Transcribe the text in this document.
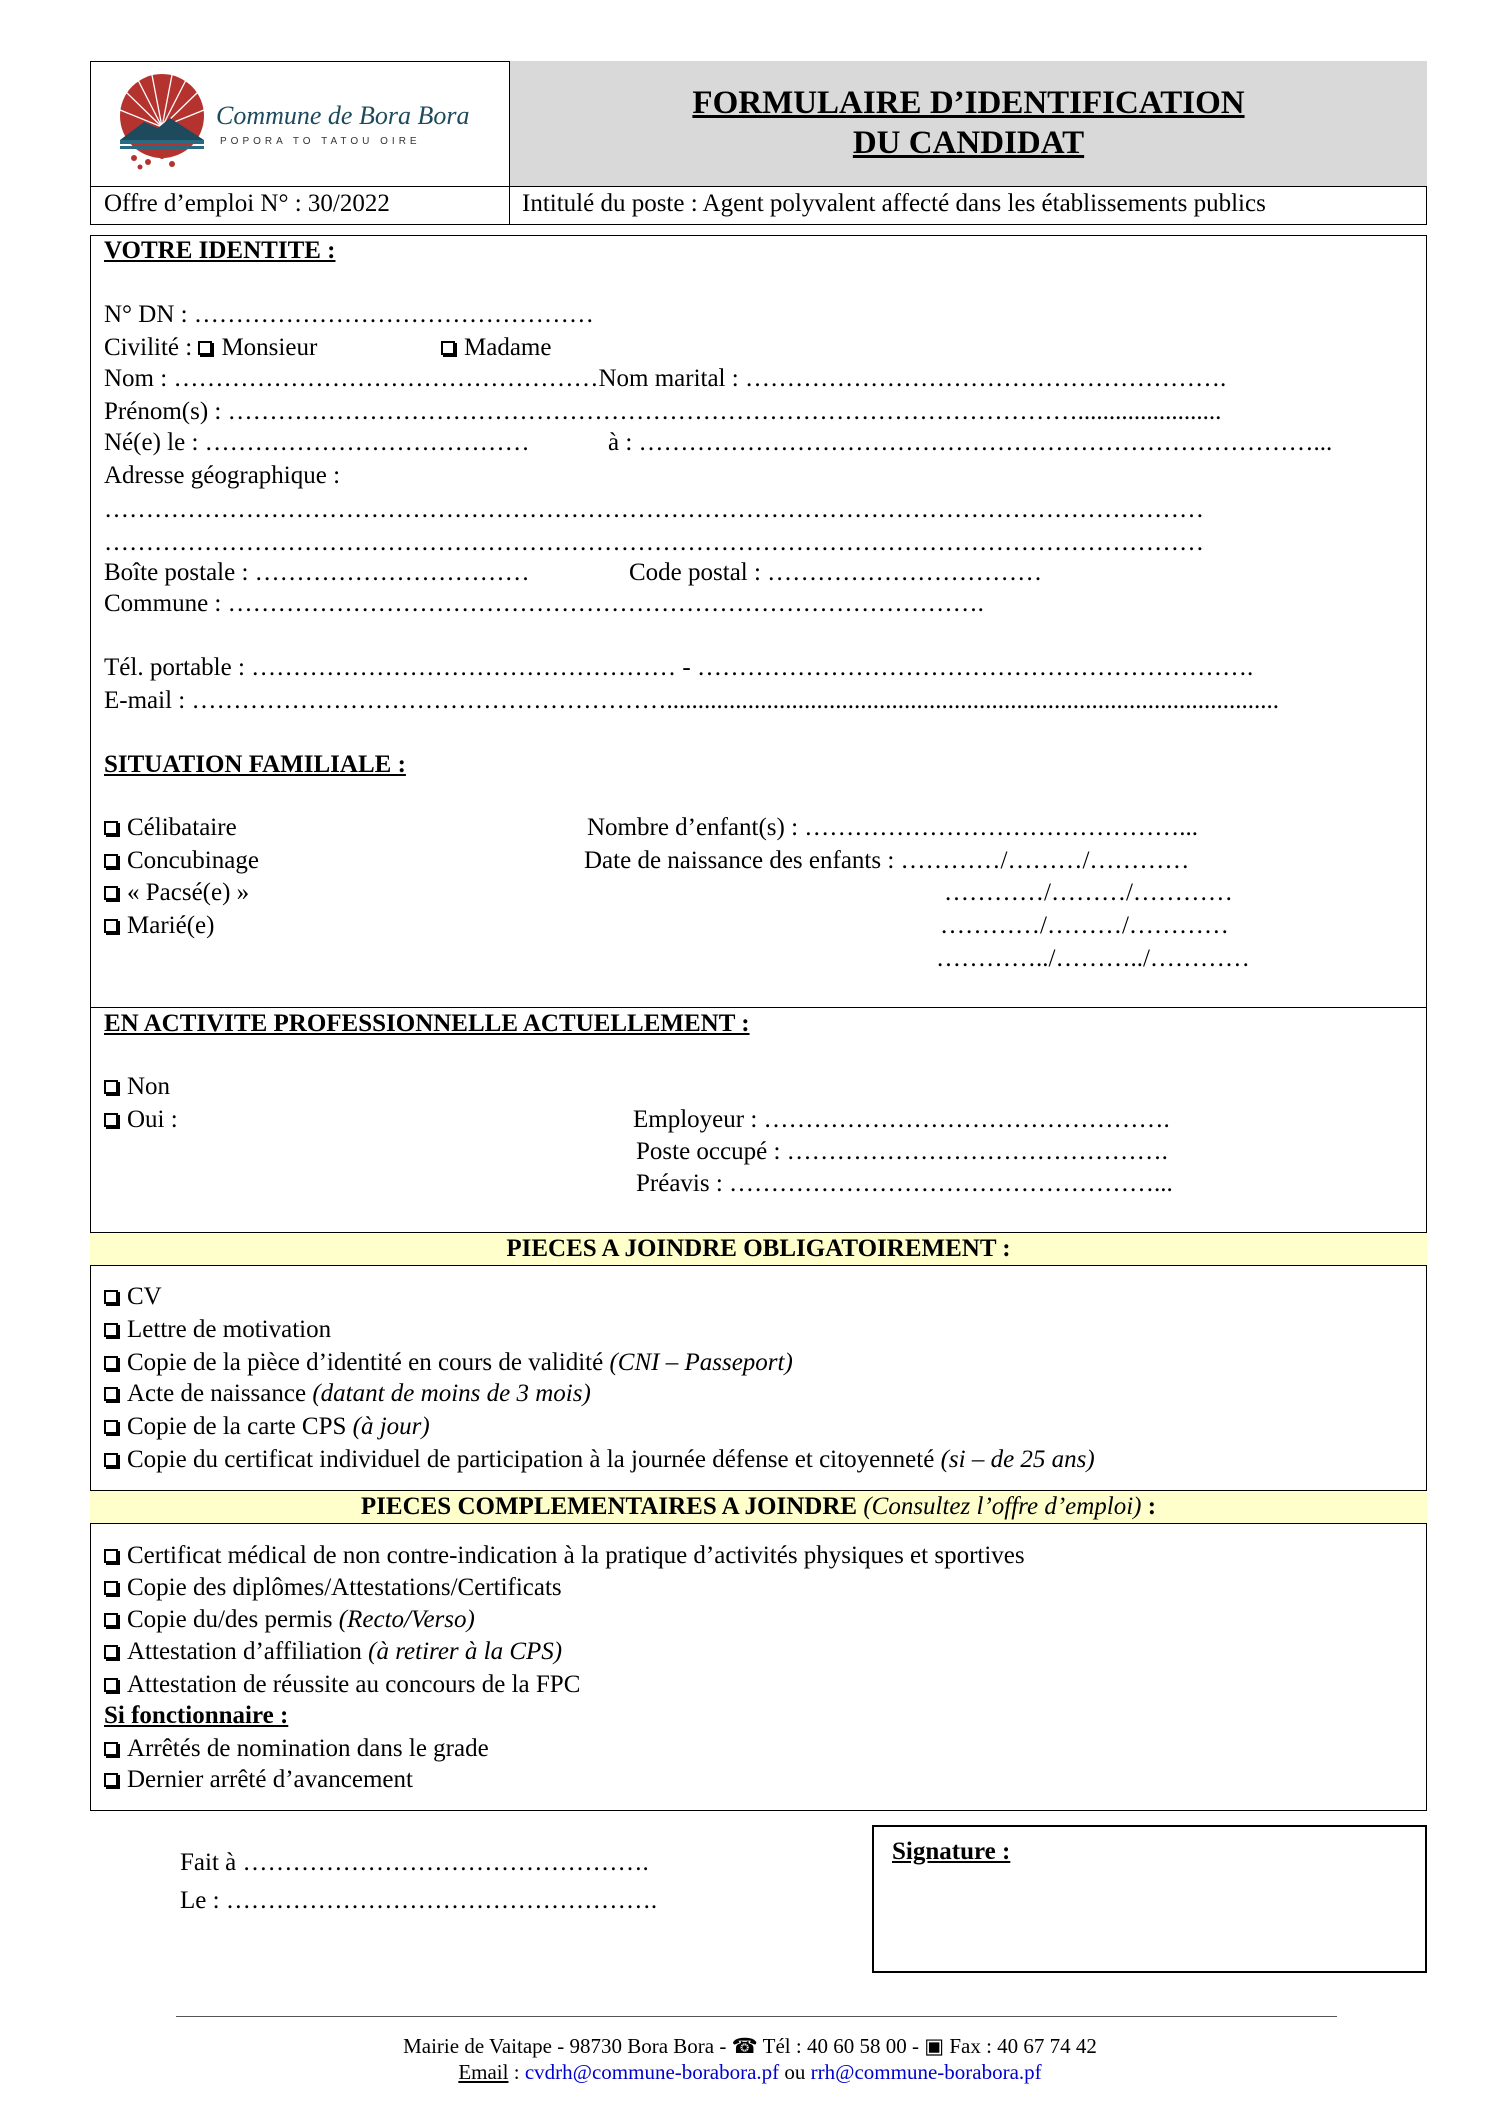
FORMULAIRE D’IDENTIFICATION
DU CANDIDAT
Commune de Bora Bora
POPORA TO TATOU OIRE
Offre d’emploi N° : 30/2022	Intitulé du poste : Agent polyvalent affecté dans les établissements publics
VOTRE IDENTITE :
N° DN : …………………………………………
Civilité : Monsieur	Madame
Nom : ……………………………………………Nom marital : ………………………………………………….
Prénom(s) : ………………………………………………………………………………………….......................
Né(e) le : …………………………………	à : ………………………………………………………………………...
Adresse géographique :
……………………………………………………………………………………………………………………
……………………………………………………………………………………………………………………
Boîte postale : ……………………………	Code postal : ……………………………
Commune : ……………………………………………………………………………….
Tél. portable : …………………………………………… - ………………………………………………………….
E-mail : …………………………………………………..................................................................................................
SITUATION FAMILIALE :
Célibataire
Concubinage
« Pacsé(e) »
Marié(e)
Nombre d’enfant(s) : ………………………………………...
Date de naissance des enfants : …………/………/…………
…………/………/…………
…………/………/…………
…………../………../…………
EN ACTIVITE PROFESSIONNELLE ACTUELLEMENT :
Non
Oui :	Employeur : ………………………………………….
Poste occupé : ……………………………………….
Préavis : ……………………………………………...
PIECES A JOINDRE OBLIGATOIREMENT :
CV
Lettre de motivation
Copie de la pièce d’identité en cours de validité (CNI – Passeport)
Acte de naissance (datant de moins de 3 mois)
Copie de la carte CPS (à jour)
Copie du certificat individuel de participation à la journée défense et citoyenneté (si – de 25 ans)
PIECES COMPLEMENTAIRES A JOINDRE (Consultez l’offre d’emploi) :
Certificat médical de non contre-indication à la pratique d’activités physiques et sportives
Copie des diplômes/Attestations/Certificats
Copie du/des permis (Recto/Verso)
Attestation d’affiliation (à retirer à la CPS)
Attestation de réussite au concours de la FPC
Si fonctionnaire :
Arrêtés de nomination dans le grade
Dernier arrêté d’avancement
Fait à ………………………………………….
Le : …………………………………………….
Signature :
Mairie de Vaitape - 98730 Bora Bora - ☎ Tél : 40 60 58 00 - ▣ Fax : 40 67 74 42
Email : cvdrh@commune-borabora.pf ou rrh@commune-borabora.pf
